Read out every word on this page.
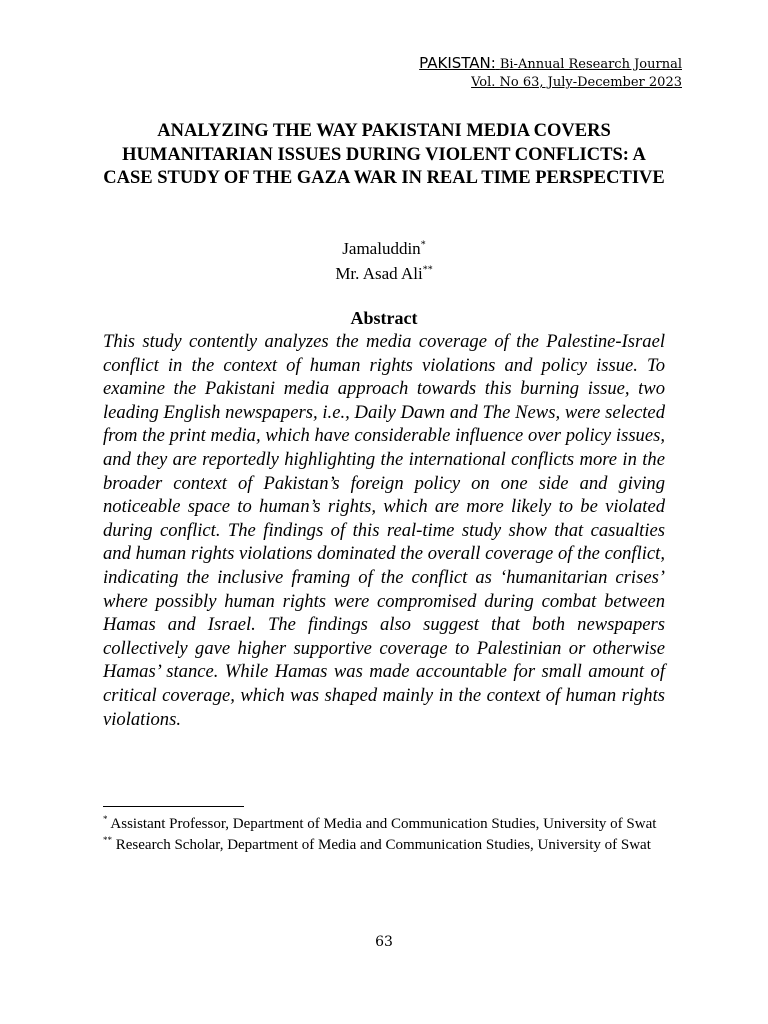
PAKISTAN: Bi-Annual Research Journal
Vol. No 63, July-December 2023
ANALYZING THE WAY PAKISTANI MEDIA COVERS HUMANITARIAN ISSUES DURING VIOLENT CONFLICTS: A CASE STUDY OF THE GAZA WAR IN REAL TIME PERSPECTIVE
Jamaluddin*
Mr. Asad Ali**
Abstract

This study contently analyzes the media coverage of the Palestine-Israel conflict in the context of human rights violations and policy issue. To examine the Pakistani media approach towards this burning issue, two leading English newspapers, i.e., Daily Dawn and The News, were selected from the print media, which have considerable influence over policy issues, and they are reportedly highlighting the international conflicts more in the broader context of Pakistan’s foreign policy on one side and giving noticeable space to human’s rights, which are more likely to be violated during conflict. The findings of this real-time study show that casualties and human rights violations dominated the overall coverage of the conflict, indicating the inclusive framing of the conflict as ‘humanitarian crises’ where possibly human rights were compromised during combat between Hamas and Israel. The findings also suggest that both newspapers collectively gave higher supportive coverage to Palestinian or otherwise Hamas’ stance. While Hamas was made accountable for small amount of critical coverage, which was shaped mainly in the context of human rights violations.

* Assistant Professor, Department of Media and Communication Studies, University of Swat

** Research Scholar, Department of Media and Communication Studies, University of Swat

63
